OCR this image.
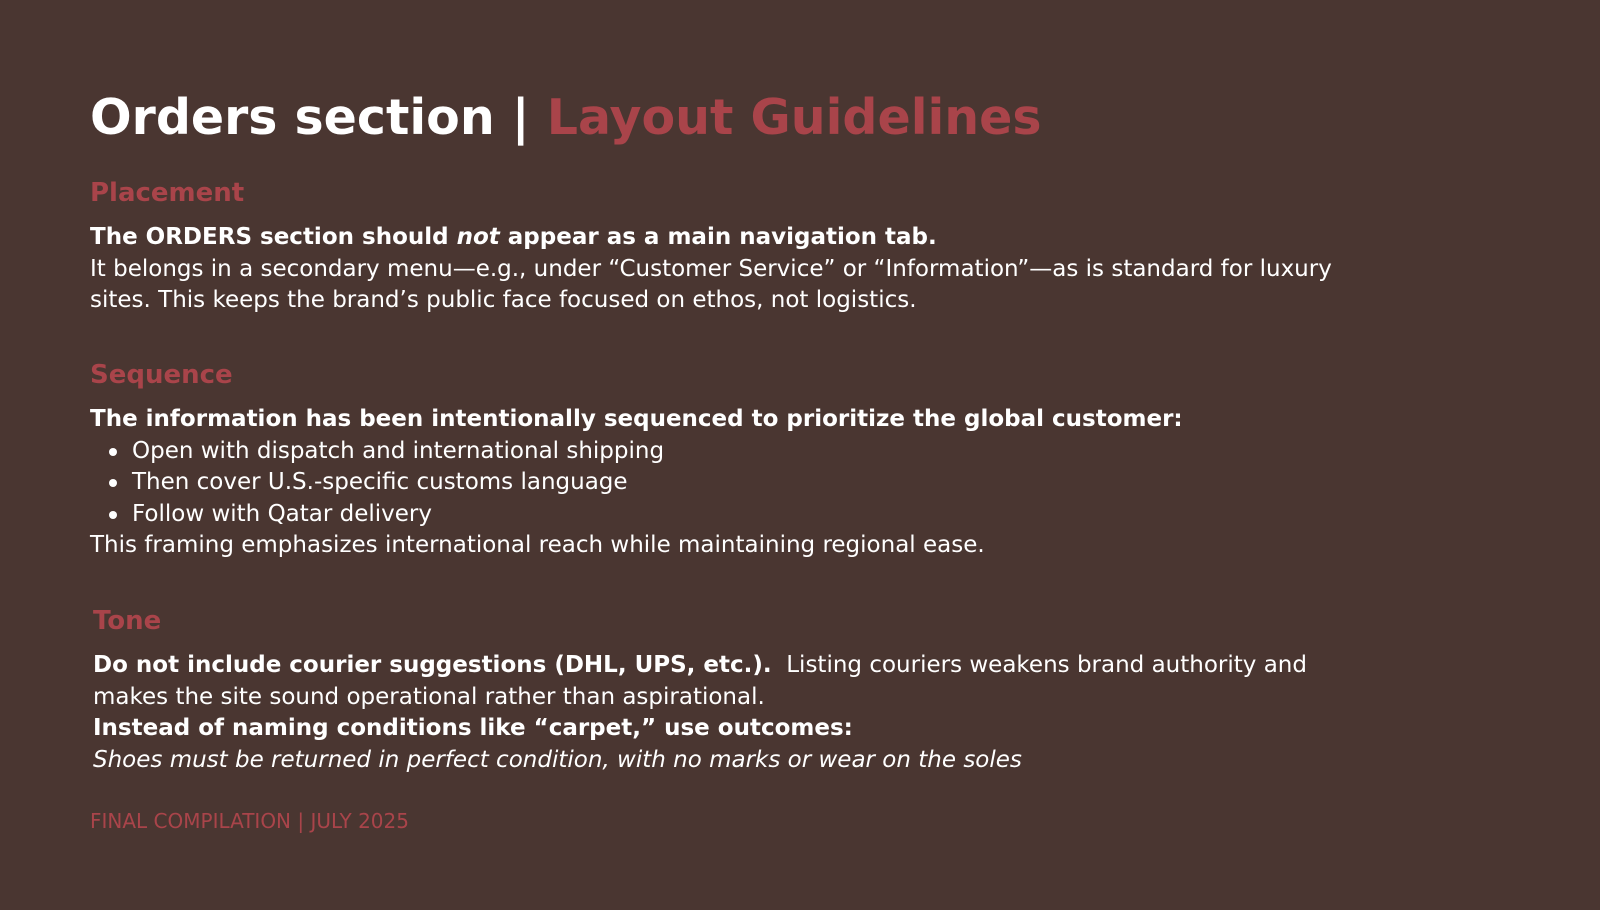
Orders section | Layout Guidelines
Placement

The ORDERS section should not appear as a main navigation tab.

It belongs in a secondary menu—e.g., under “Customer Service” or “Information”—as is standard for luxury sites. This keeps the brand’s public face focused on ethos, not logistics.

Sequence

The information has been intentionally sequenced to prioritize the global customer:

Open with dispatch and international shipping
Then cover U.S.-specific customs language
Follow with Qatar delivery

This framing emphasizes international reach while maintaining regional ease.

Tone

Do not include courier suggestions (DHL, UPS, etc.).  Listing couriers weakens brand authority and makes the site sound operational rather than aspirational.

Instead of naming conditions like “carpet,” use outcomes:

Shoes must be returned in perfect condition, with no marks or wear on the soles

FINAL COMPILATION | JULY 2025
